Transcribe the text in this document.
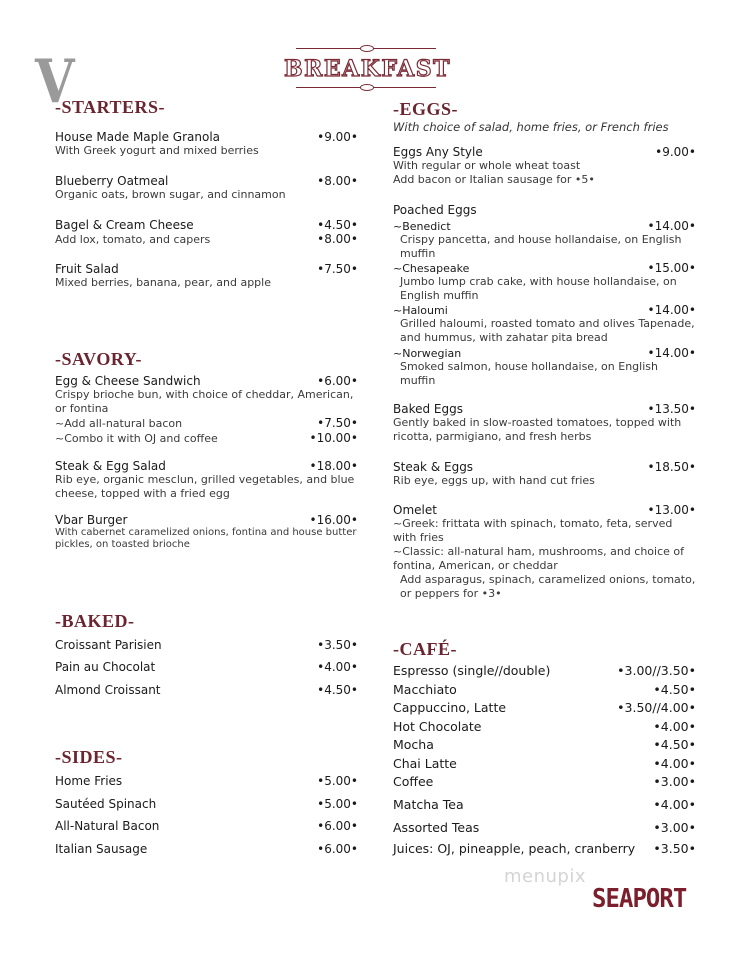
V	BREAKFAST
-STARTERS-
House Made Maple Granola	•9.00•
With Greek yogurt and mixed berries
Blueberry Oatmeal	•8.00•
Organic oats, brown sugar, and cinnamon
Bagel & Cream Cheese	•4.50•
Add lox, tomato, and capers	•8.00•
Fruit Salad	•7.50•
Mixed berries, banana, pear, and apple
-SAVORY-
Egg & Cheese Sandwich	•6.00•
Crispy brioche bun, with choice of cheddar, American, or fontina
~Add all-natural bacon	•7.50•
~Combo it with OJ and coffee	•10.00•
Steak & Egg Salad	•18.00•
Rib eye, organic mesclun, grilled vegetables, and blue cheese, topped with a fried egg
Vbar Burger	•16.00•
With cabernet caramelized onions, fontina and house butter pickles, on toasted brioche
-BAKED-
Croissant Parisien	•3.50•
Pain au Chocolat	•4.00•
Almond Croissant	•4.50•
-SIDES-
Home Fries	•5.00•
Sautéed Spinach	•5.00•
All-Natural Bacon	•6.00•
Italian Sausage	•6.00•
-EGGS-
With choice of salad, home fries, or French fries
Eggs Any Style	•9.00•
With regular or whole wheat toast
Add bacon or Italian sausage for •5•
Poached Eggs
~Benedict	•14.00•
Crispy pancetta, and house hollandaise, on English muffin
~Chesapeake	•15.00•
Jumbo lump crab cake, with house hollandaise, on English muffin
~Haloumi	•14.00•
Grilled haloumi, roasted tomato and olives Tapenade, and hummus, with zahatar pita bread
~Norwegian	•14.00•
Smoked salmon, house hollandaise, on English muffin
Baked Eggs	•13.50•
Gently baked in slow-roasted tomatoes, topped with ricotta, parmigiano, and fresh herbs
Steak & Eggs	•18.50•
Rib eye, eggs up, with hand cut fries
Omelet	•13.00•
~Greek: frittata with spinach, tomato, feta, served with fries
~Classic: all-natural ham, mushrooms, and choice of fontina, American, or cheddar
Add asparagus, spinach, caramelized onions, tomato, or peppers for •3•
-CAFÉ-
Espresso (single//double)	•3.00//3.50•
Macchiato	•4.50•
Cappuccino, Latte	•3.50//4.00•
Hot Chocolate	•4.00•
Mocha	•4.50•
Chai Latte	•4.00•
Coffee	•3.00•
Matcha Tea	•4.00•
Assorted Teas	•3.00•
Juices: OJ, pineapple, peach, cranberry •3.50•
menupix
SEAPORT
